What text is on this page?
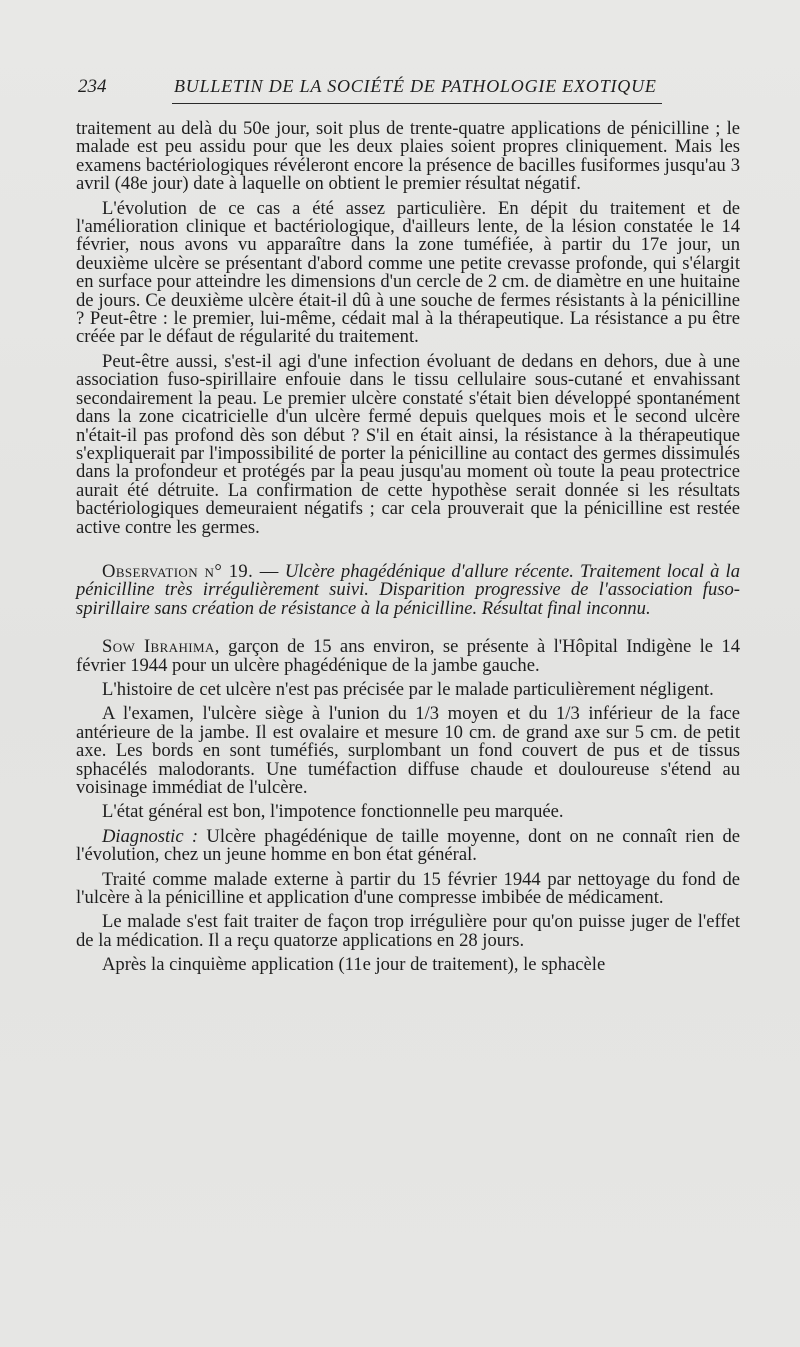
234	BULLETIN DE LA SOCIÉTÉ DE PATHOLOGIE EXOTIQUE

traitement au delà du 50e jour, soit plus de trente-quatre applications de pénicilline ; le malade est peu assidu pour que les deux plaies soient propres cliniquement. Mais les examens bactériologiques révéleront encore la présence de bacilles fusiformes jusqu'au 3 avril (48e jour) date à laquelle on obtient le premier résultat négatif.

L'évolution de ce cas a été assez particulière. En dépit du traitement et de l'amélioration clinique et bactériologique, d'ailleurs lente, de la lésion constatée le 14 février, nous avons vu apparaître dans la zone tuméfiée, à partir du 17e jour, un deuxième ulcère se présentant d'abord comme une petite crevasse profonde, qui s'élargit en surface pour atteindre les dimensions d'un cercle de 2 cm. de diamètre en une huitaine de jours. Ce deuxième ulcère était-il dû à une souche de fermes résistants à la pénicilline ? Peut-être : le premier, lui-même, cédait mal à la thérapeutique. La résistance a pu être créée par le défaut de régularité du traitement.

Peut-être aussi, s'est-il agi d'une infection évoluant de dedans en dehors, due à une association fuso-spirillaire enfouie dans le tissu cellulaire sous-cutané et envahissant secondairement la peau. Le premier ulcère constaté s'était bien développé spontanément dans la zone cicatricielle d'un ulcère fermé depuis quelques mois et le second ulcère n'était-il pas profond dès son début ? S'il en était ainsi, la résistance à la thérapeutique s'expliquerait par l'impossibilité de porter la pénicilline au contact des germes dissimulés dans la profondeur et protégés par la peau jusqu'au moment où toute la peau protectrice aurait été détruite. La confirmation de cette hypothèse serait donnée si les résultats bactériologiques demeuraient négatifs ; car cela prouverait que la pénicilline est restée active contre les germes.

Observation n° 19. — Ulcère phagédénique d'allure récente. Traitement local à la pénicilline très irrégulièrement suivi. Disparition progressive de l'association fuso-spirillaire sans création de résistance à la pénicilline. Résultat final inconnu.

Sow Ibrahima, garçon de 15 ans environ, se présente à l'Hôpital Indigène le 14 février 1944 pour un ulcère phagédénique de la jambe gauche.

L'histoire de cet ulcère n'est pas précisée par le malade particulièrement négligent.

A l'examen, l'ulcère siège à l'union du 1/3 moyen et du 1/3 inférieur de la face antérieure de la jambe. Il est ovalaire et mesure 10 cm. de grand axe sur 5 cm. de petit axe. Les bords en sont tuméfiés, surplombant un fond couvert de pus et de tissus sphacélés malodorants. Une tuméfaction diffuse chaude et douloureuse s'étend au voisinage immédiat de l'ulcère.

L'état général est bon, l'impotence fonctionnelle peu marquée.

Diagnostic : Ulcère phagédénique de taille moyenne, dont on ne connaît rien de l'évolution, chez un jeune homme en bon état général.

Traité comme malade externe à partir du 15 février 1944 par nettoyage du fond de l'ulcère à la pénicilline et application d'une compresse imbibée de médicament.

Le malade s'est fait traiter de façon trop irrégulière pour qu'on puisse juger de l'effet de la médication. Il a reçu quatorze applications en 28 jours.

Après la cinquième application (11e jour de traitement), le sphacèle
